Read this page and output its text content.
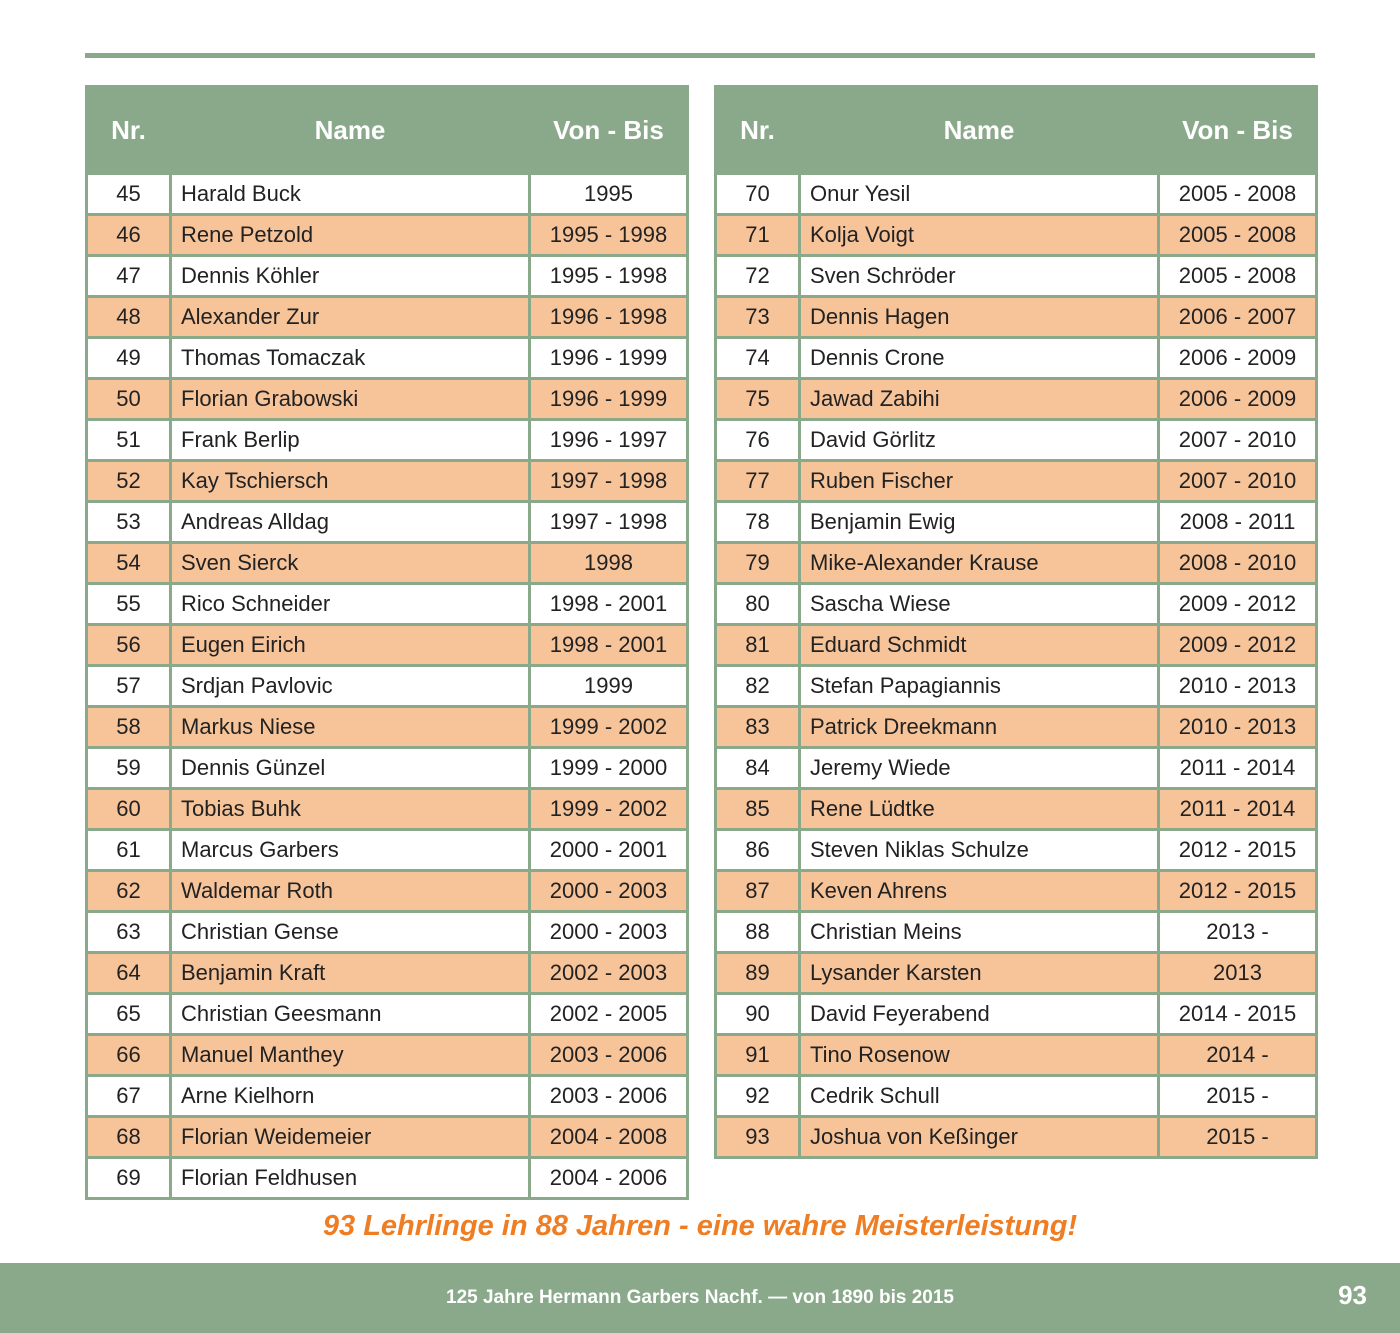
Nr.	Name	Von - Bis
45	Harald Buck	1995
46	Rene Petzold	1995 - 1998
47	Dennis Köhler	1995 - 1998
48	Alexander Zur	1996 - 1998
49	Thomas Tomaczak	1996 - 1999
50	Florian Grabowski	1996 - 1999
51	Frank Berlip	1996 - 1997
52	Kay Tschiersch	1997 - 1998
53	Andreas Alldag	1997 - 1998
54	Sven Sierck	1998
55	Rico Schneider	1998 - 2001
56	Eugen Eirich	1998 - 2001
57	Srdjan Pavlovic	1999
58	Markus Niese	1999 - 2002
59	Dennis Günzel	1999 - 2000
60	Tobias Buhk	1999 - 2002
61	Marcus Garbers	2000 - 2001
62	Waldemar Roth	2000 - 2003
63	Christian Gense	2000 - 2003
64	Benjamin Kraft	2002 - 2003
65	Christian Geesmann	2002 - 2005
66	Manuel Manthey	2003 - 2006
67	Arne Kielhorn	2003 - 2006
68	Florian Weidemeier	2004 - 2008
69	Florian Feldhusen	2004 - 2006
Nr.	Name	Von - Bis
70	Onur Yesil	2005 - 2008
71	Kolja Voigt	2005 - 2008
72	Sven Schröder	2005 - 2008
73	Dennis Hagen	2006 - 2007
74	Dennis Crone	2006 - 2009
75	Jawad Zabihi	2006 - 2009
76	David Görlitz	2007 - 2010
77	Ruben Fischer	2007 - 2010
78	Benjamin Ewig	2008 - 2011
79	Mike-Alexander Krause	2008 - 2010
80	Sascha Wiese	2009 - 2012
81	Eduard Schmidt	2009 - 2012
82	Stefan Papagiannis	2010 - 2013
83	Patrick Dreekmann	2010 - 2013
84	Jeremy Wiede	2011 - 2014
85	Rene Lüdtke	2011 - 2014
86	Steven Niklas Schulze	2012 - 2015
87	Keven Ahrens	2012 - 2015
88	Christian Meins	2013 -
89	Lysander Karsten	2013
90	David Feyerabend	2014 - 2015
91	Tino Rosenow	2014 -
92	Cedrik Schull	2015 -
93	Joshua von Keßinger	2015 -
93 Lehrlinge in 88 Jahren - eine wahre Meisterleistung!
125 Jahre Hermann Garbers Nachf. — von 1890 bis 2015	93
